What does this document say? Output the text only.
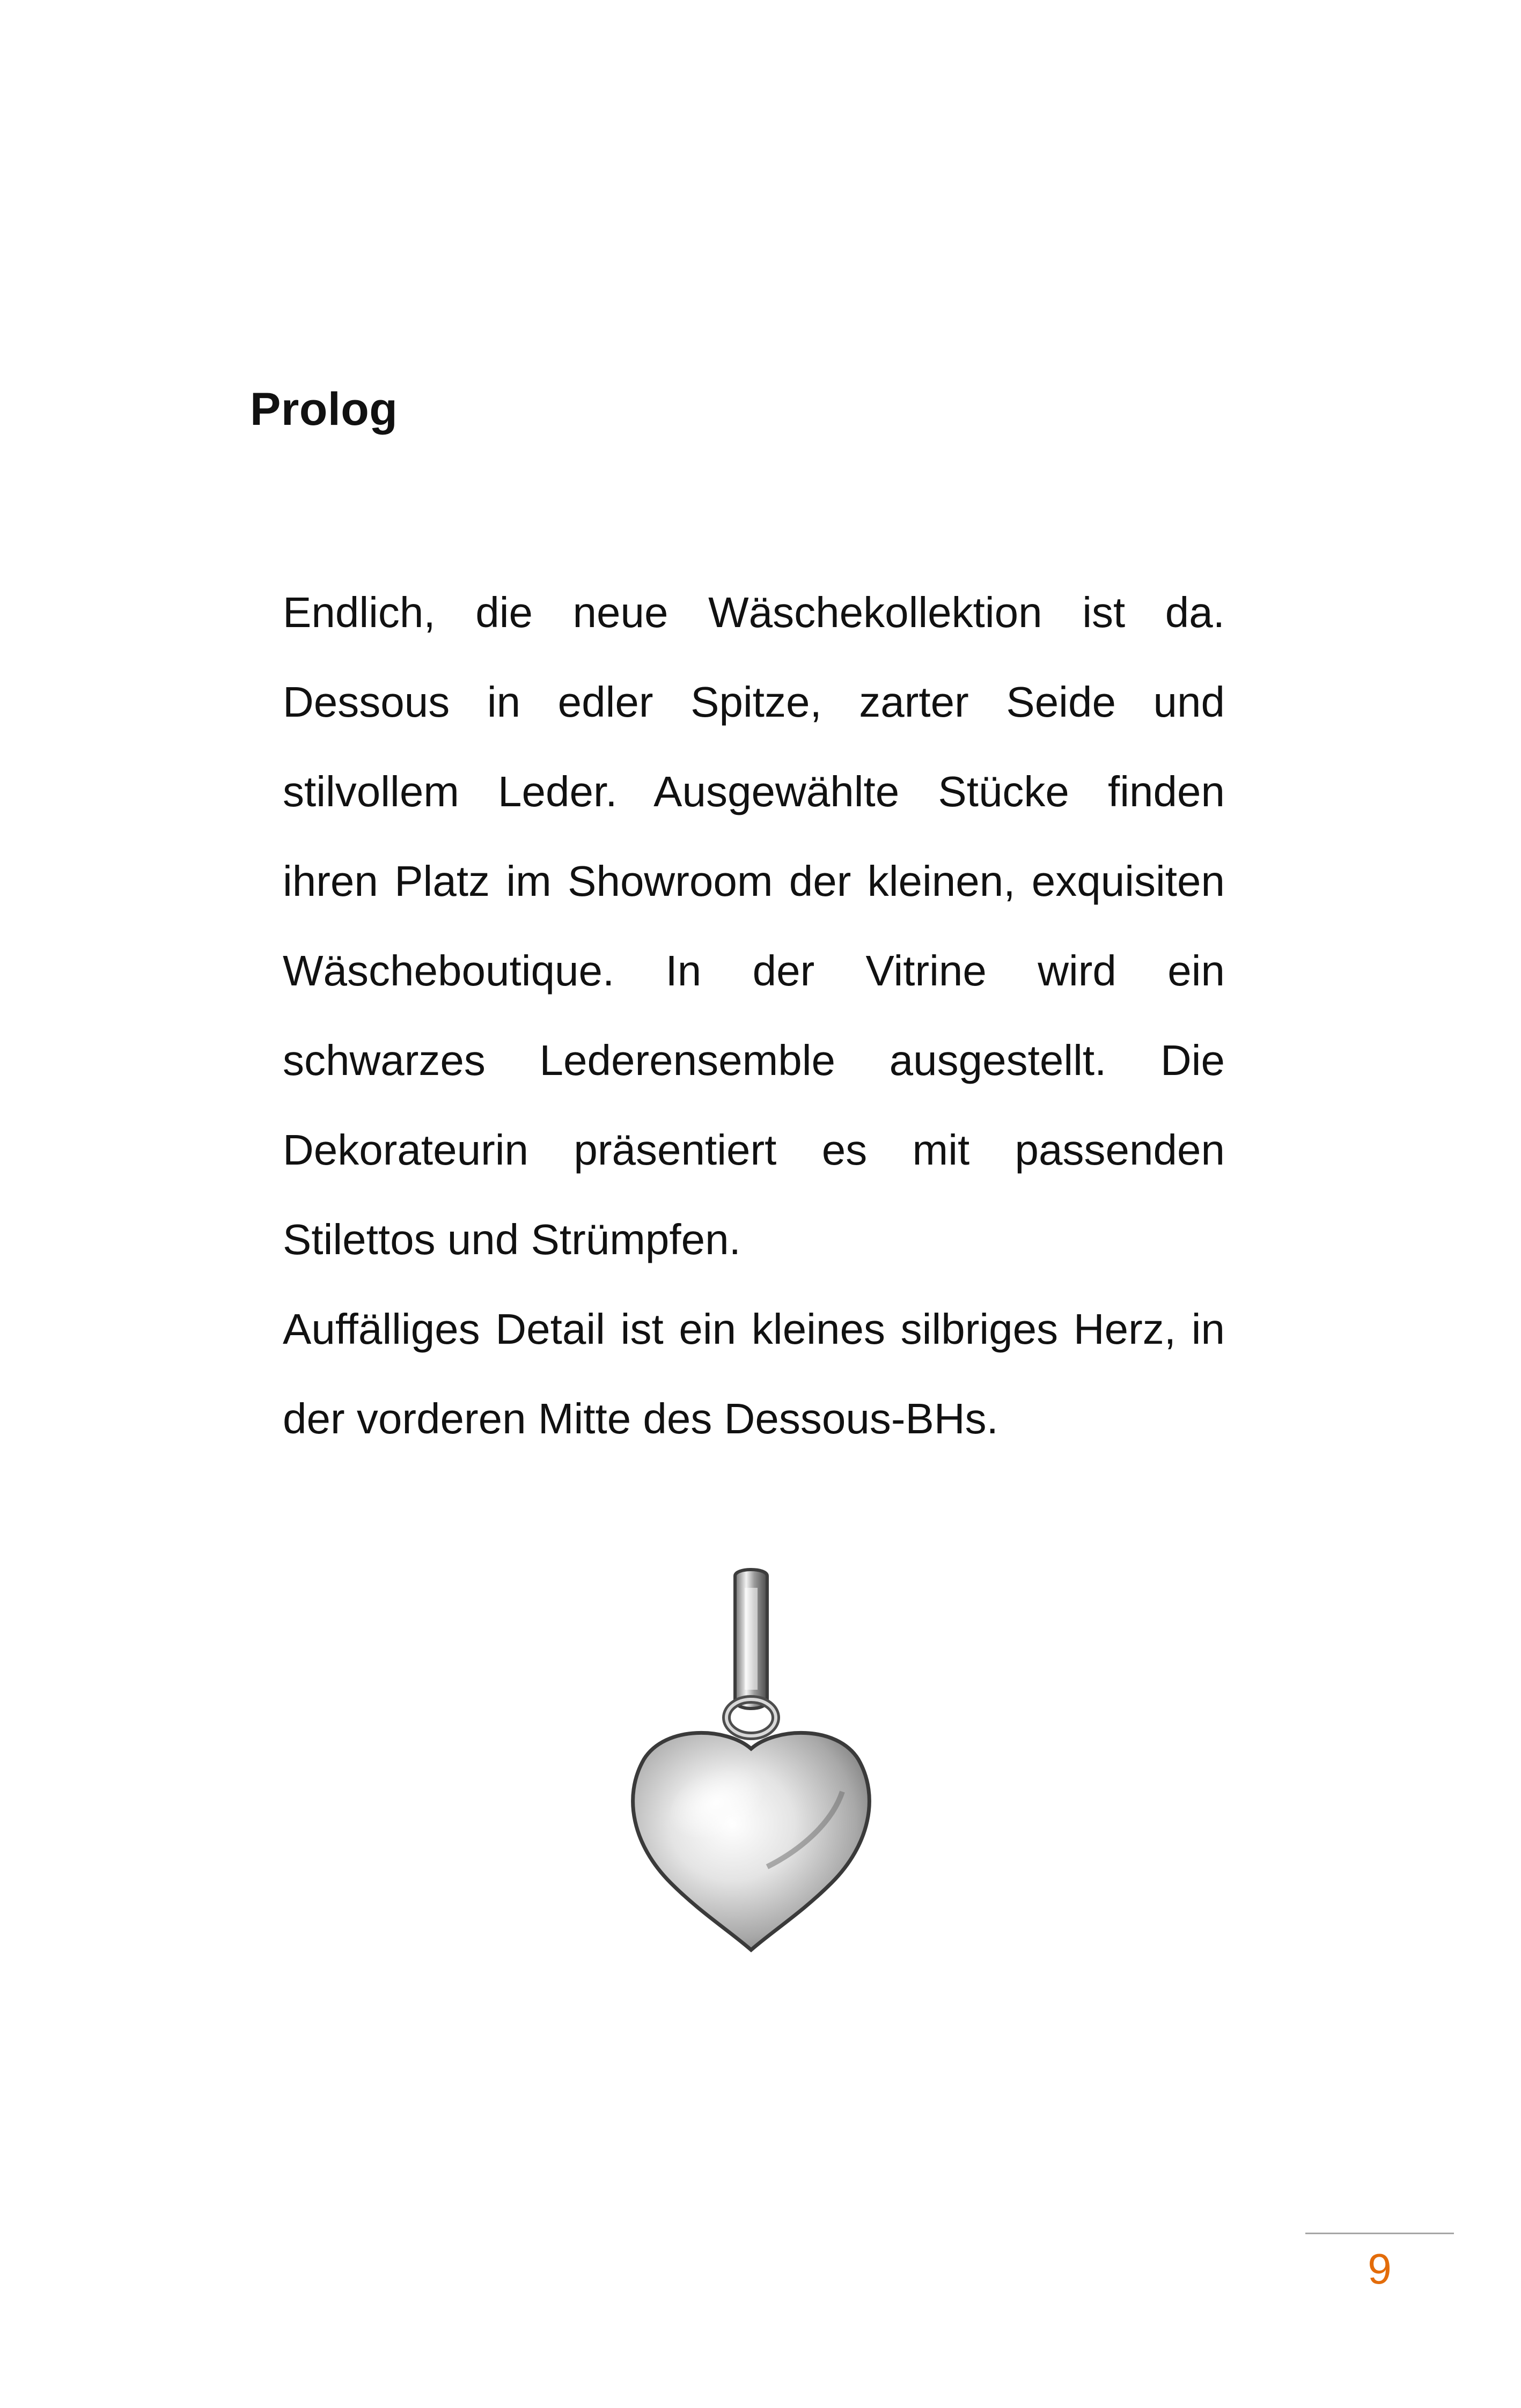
Prolog

Endlich, die neue Wäschekollektion ist da. Dessous in edler Spitze, zarter Seide und stilvollem Leder. Ausgewählte Stücke finden ihren Platz im Showroom der kleinen, exquisiten Wäscheboutique. In der Vitrine wird ein schwarzes Lederensemble ausgestellt. Die Dekorateurin präsentiert es mit passenden Stilettos und Strümpfen.

Auffälliges Detail ist ein kleines silbriges Herz, in der vorderen Mitte des Dessous-BHs.

9
